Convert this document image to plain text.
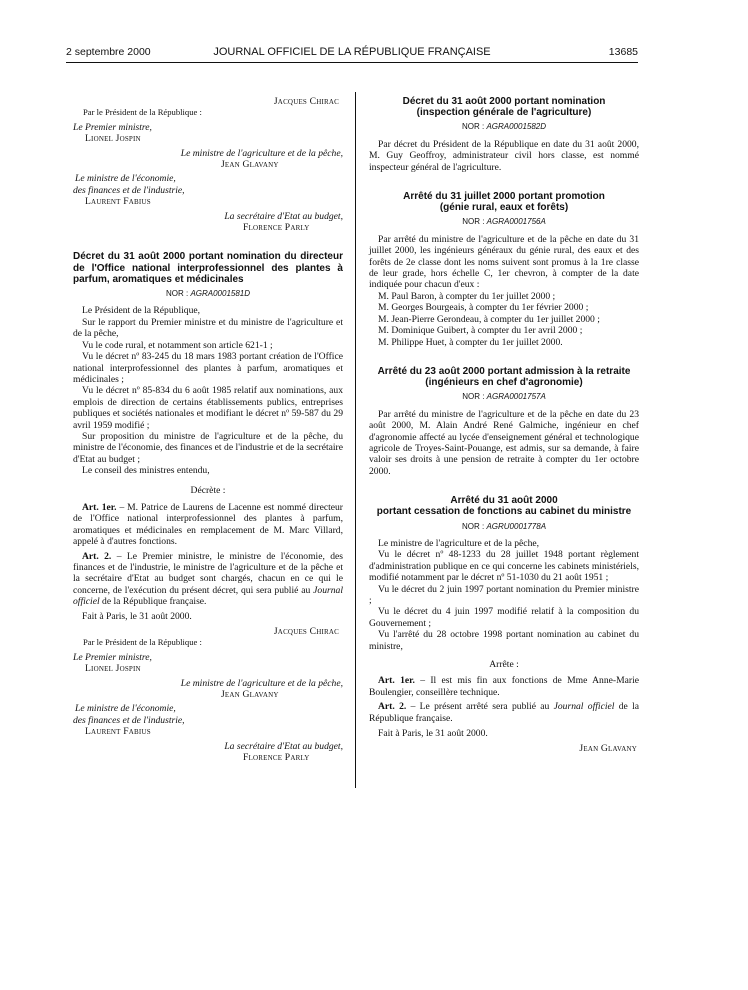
2 septembre 2000	JOURNAL OFFICIEL DE LA RÉPUBLIQUE FRANÇAISE	13685

Jacques Chirac

Par le Président de la République :

Le Premier ministre,

Lionel Jospin

Le ministre de l'agriculture et de la pêche,

Jean Glavany

Le ministre de l'économie,

des finances et de l'industrie,

Laurent Fabius

La secrétaire d'Etat au budget,

Florence Parly

Décret du 31 août 2000 portant nomination du directeur de l'Office national interprofessionnel des plantes à parfum, aromatiques et médicinales

NOR : AGRA0001581D

Le Président de la République,

Sur le rapport du Premier ministre et du ministre de l'agriculture et de la pêche,

Vu le code rural, et notamment son article 621-1 ;

Vu le décret nº 83-245 du 18 mars 1983 portant création de l'Office national interprofessionnel des plantes à parfum, aromatiques et médicinales ;

Vu le décret nº 85-834 du 6 août 1985 relatif aux nominations, aux emplois de direction de certains établissements publics, entreprises publiques et sociétés nationales et modifiant le décret nº 59-587 du 29 avril 1959 modifié ;

Sur proposition du ministre de l'agriculture et de la pêche, du ministre de l'économie, des finances et de l'industrie et de la secrétaire d'Etat au budget ;

Le conseil des ministres entendu,

Décrète :

Art. 1er. – M. Patrice de Laurens de Lacenne est nommé directeur de l'Office national interprofessionnel des plantes à parfum, aromatiques et médicinales en remplacement de M. Marc Villard, appelé à d'autres fonctions.

Art. 2. – Le Premier ministre, le ministre de l'économie, des finances et de l'industrie, le ministre de l'agriculture et de la pêche et la secrétaire d'Etat au budget sont chargés, chacun en ce qui le concerne, de l'exécution du présent décret, qui sera publié au Journal officiel de la République française.

Fait à Paris, le 31 août 2000.

Jacques Chirac

Par le Président de la République :

Le Premier ministre,

Lionel Jospin

Le ministre de l'agriculture et de la pêche,

Jean Glavany

Le ministre de l'économie,

des finances et de l'industrie,

Laurent Fabius

La secrétaire d'Etat au budget,

Florence Parly

Décret du 31 août 2000 portant nomination

(inspection générale de l'agriculture)

NOR : AGRA0001582D

Par décret du Président de la République en date du 31 août 2000, M. Guy Geoffroy, administrateur civil hors classe, est nommé inspecteur général de l'agriculture.

Arrêté du 31 juillet 2000 portant promotion

(génie rural, eaux et forêts)

NOR : AGRA0001756A

Par arrêté du ministre de l'agriculture et de la pêche en date du 31 juillet 2000, les ingénieurs généraux du génie rural, des eaux et des forêts de 2e classe dont les noms suivent sont promus à la 1re classe de leur grade, hors échelle C, 1er chevron, à compter de la date indiquée pour chacun d'eux :

M. Paul Baron, à compter du 1er juillet 2000 ;

M. Georges Bourgeais, à compter du 1er février 2000 ;

M. Jean-Pierre Gerondeau, à compter du 1er juillet 2000 ;

M. Dominique Guibert, à compter du 1er avril 2000 ;

M. Philippe Huet, à compter du 1er juillet 2000.

Arrêté du 23 août 2000 portant admission à la retraite

(ingénieurs en chef d'agronomie)

NOR : AGRA0001757A

Par arrêté du ministre de l'agriculture et de la pêche en date du 23 août 2000, M. Alain André René Galmiche, ingénieur en chef d'agronomie affecté au lycée d'enseignement général et technologique agricole de Troyes-Saint-Pouange, est admis, sur sa demande, à faire valoir ses droits à une pension de retraite à compter du 1er octobre 2000.

Arrêté du 31 août 2000

portant cessation de fonctions au cabinet du ministre

NOR : AGRU0001778A

Le ministre de l'agriculture et de la pêche,

Vu le décret nº 48-1233 du 28 juillet 1948 portant règlement d'administration publique en ce qui concerne les cabinets ministériels, modifié notamment par le décret nº 51-1030 du 21 août 1951 ;

Vu le décret du 2 juin 1997 portant nomination du Premier ministre ;

Vu le décret du 4 juin 1997 modifié relatif à la composition du Gouvernement ;

Vu l'arrêté du 28 octobre 1998 portant nomination au cabinet du ministre,

Arrête :

Art. 1er. – Il est mis fin aux fonctions de Mme Anne-Marie Boulengier, conseillère technique.

Art. 2. – Le présent arrêté sera publié au Journal officiel de la République française.

Fait à Paris, le 31 août 2000.

Jean Glavany
